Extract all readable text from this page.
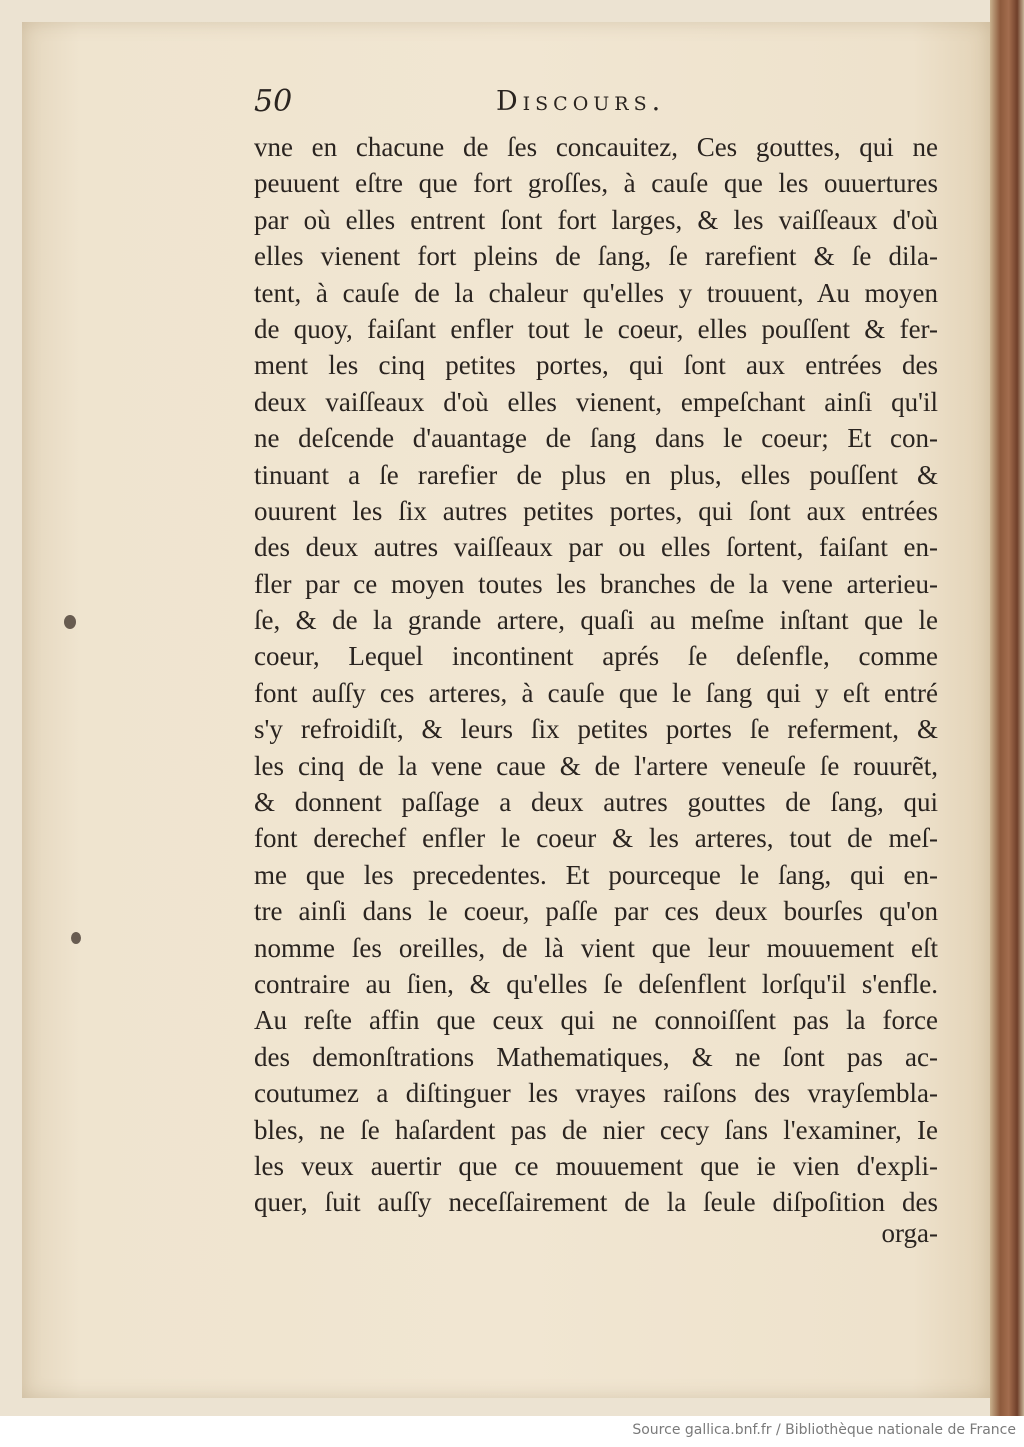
50	Discours.
vne en chacune de ſes concauitez, Ces gouttes, qui ne
peuuent eſtre que fort groſſes, à cauſe que les ouuertures
par où elles entrent ſont fort larges, & les vaiſſeaux d'où
elles vienent fort pleins de ſang, ſe rarefient & ſe dila-
tent, à cauſe de la chaleur qu'elles y trouuent, Au moyen
de quoy, faiſant enfler tout le coeur, elles pouſſent & fer-
ment les cinq petites portes, qui ſont aux entrées des
deux vaiſſeaux d'où elles vienent, empeſchant ainſi qu'il
ne deſcende d'auantage de ſang dans le coeur; Et con-
tinuant a ſe rarefier de plus en plus, elles pouſſent &
ouurent les ſix autres petites portes, qui ſont aux entrées
des deux autres vaiſſeaux par ou elles ſortent, faiſant en-
fler par ce moyen toutes les branches de la vene arterieu-
ſe, & de la grande artere, quaſi au meſme inſtant que le
coeur, Lequel incontinent aprés ſe deſenfle, comme
font auſſy ces arteres, à cauſe que le ſang qui y eſt entré
s'y refroidiſt, & leurs ſix petites portes ſe referment, &
les cinq de la vene caue & de l'artere veneuſe ſe rouurẽt,
& donnent paſſage a deux autres gouttes de ſang, qui
font derechef enfler le coeur & les arteres, tout de meſ-
me que les precedentes. Et pourceque le ſang, qui en-
tre ainſi dans le coeur, paſſe par ces deux bourſes qu'on
nomme ſes oreilles, de là vient que leur mouuement eſt
contraire au ſien, & qu'elles ſe deſenflent lorſqu'il s'enfle.
Au reſte affin que ceux qui ne connoiſſent pas la force
des demonſtrations Mathematiques, & ne ſont pas ac-
coutumez a diſtinguer les vrayes raiſons des vrayſembla-
bles, ne ſe haſardent pas de nier cecy ſans l'examiner, Ie
les veux auertir que ce mouuement que ie vien d'expli-
quer, ſuit auſſy neceſſairement de la ſeule diſpoſition des
orga-
Source gallica.bnf.fr / Bibliothèque nationale de France
